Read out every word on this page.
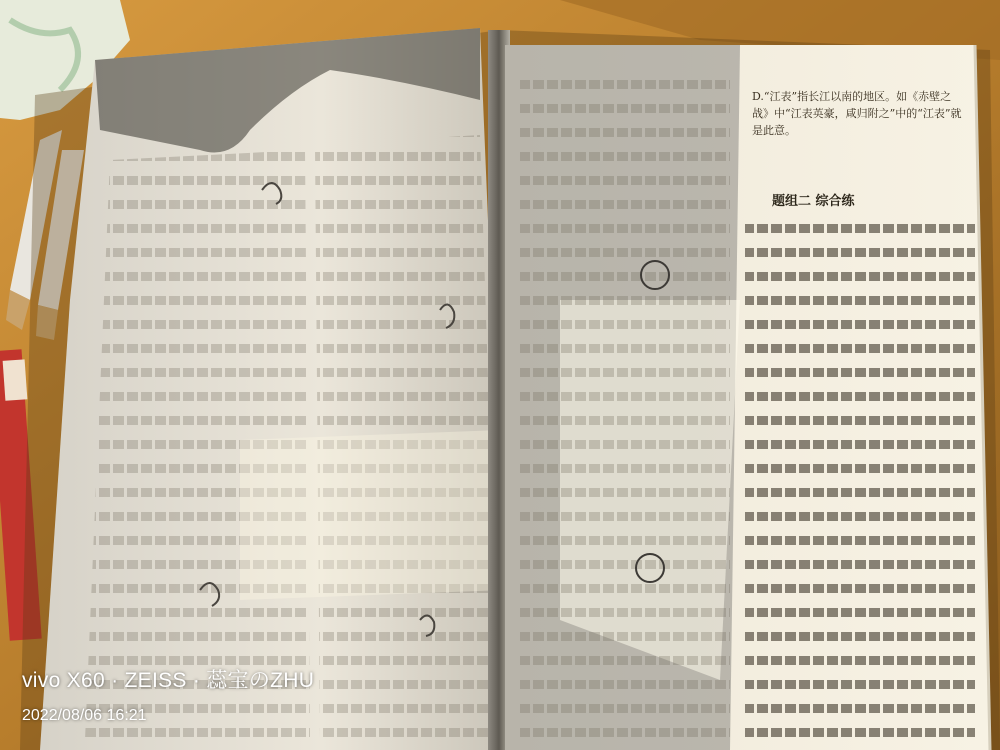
D.“江表”指长江以南的地区。如《赤壁之战》中“江表英豪，咸归附之”中的“江表”就是此意。
题组二 综合练
vivo X60 · ZEISS · 蕊宝のZHU
2022/08/06 16:21
